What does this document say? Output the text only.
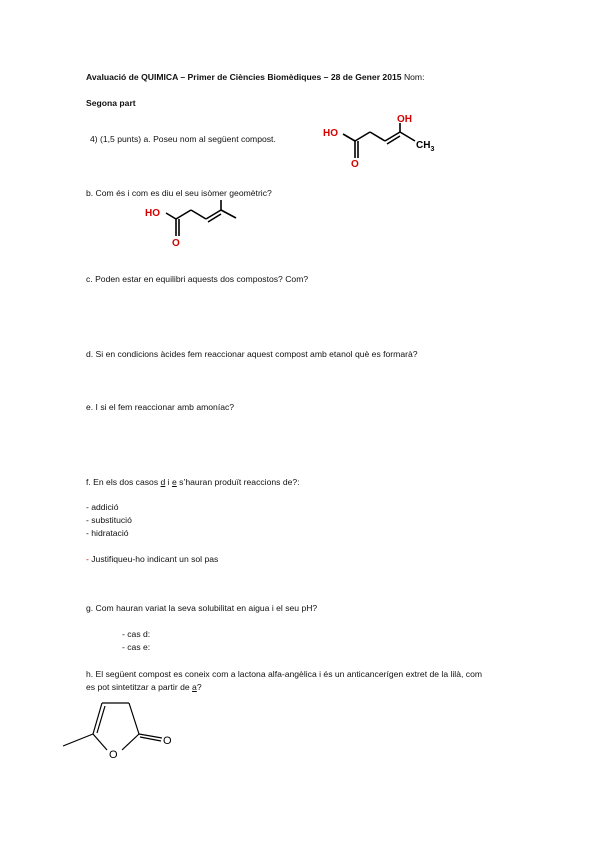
Avaluació de QUIMICA – Primer de Ciències Biomèdiques – 28 de Gener 2015 Nom:
Segona part
4) (1,5 punts) a. Poseu nom al següent compost.
OH
HO
O
$CH_3$
b. Com és i com es diu el seu isòmer geomètric?
HO
O
c. Poden estar en equilibri aquests dos compostos? Com?
d. Si en condicions àcides fem reaccionar aquest compost amb etanol què es formarà?
e. I si el fem reaccionar amb amoníac?
f. En els dos casos d i e s’hauran produït reaccions de?:
- addició
- substitució
- hidratació
- Justifiqueu-ho indicant un sol pas
g. Com hauran variat la seva solubilitat en aigua i el seu pH?
- cas d:
- cas e:
h. El següent compost es coneix com a lactona alfa-angèlica i és un anticancerígen extret de la lilà, com
es pot sintetitzar a partir de a?
O
O
